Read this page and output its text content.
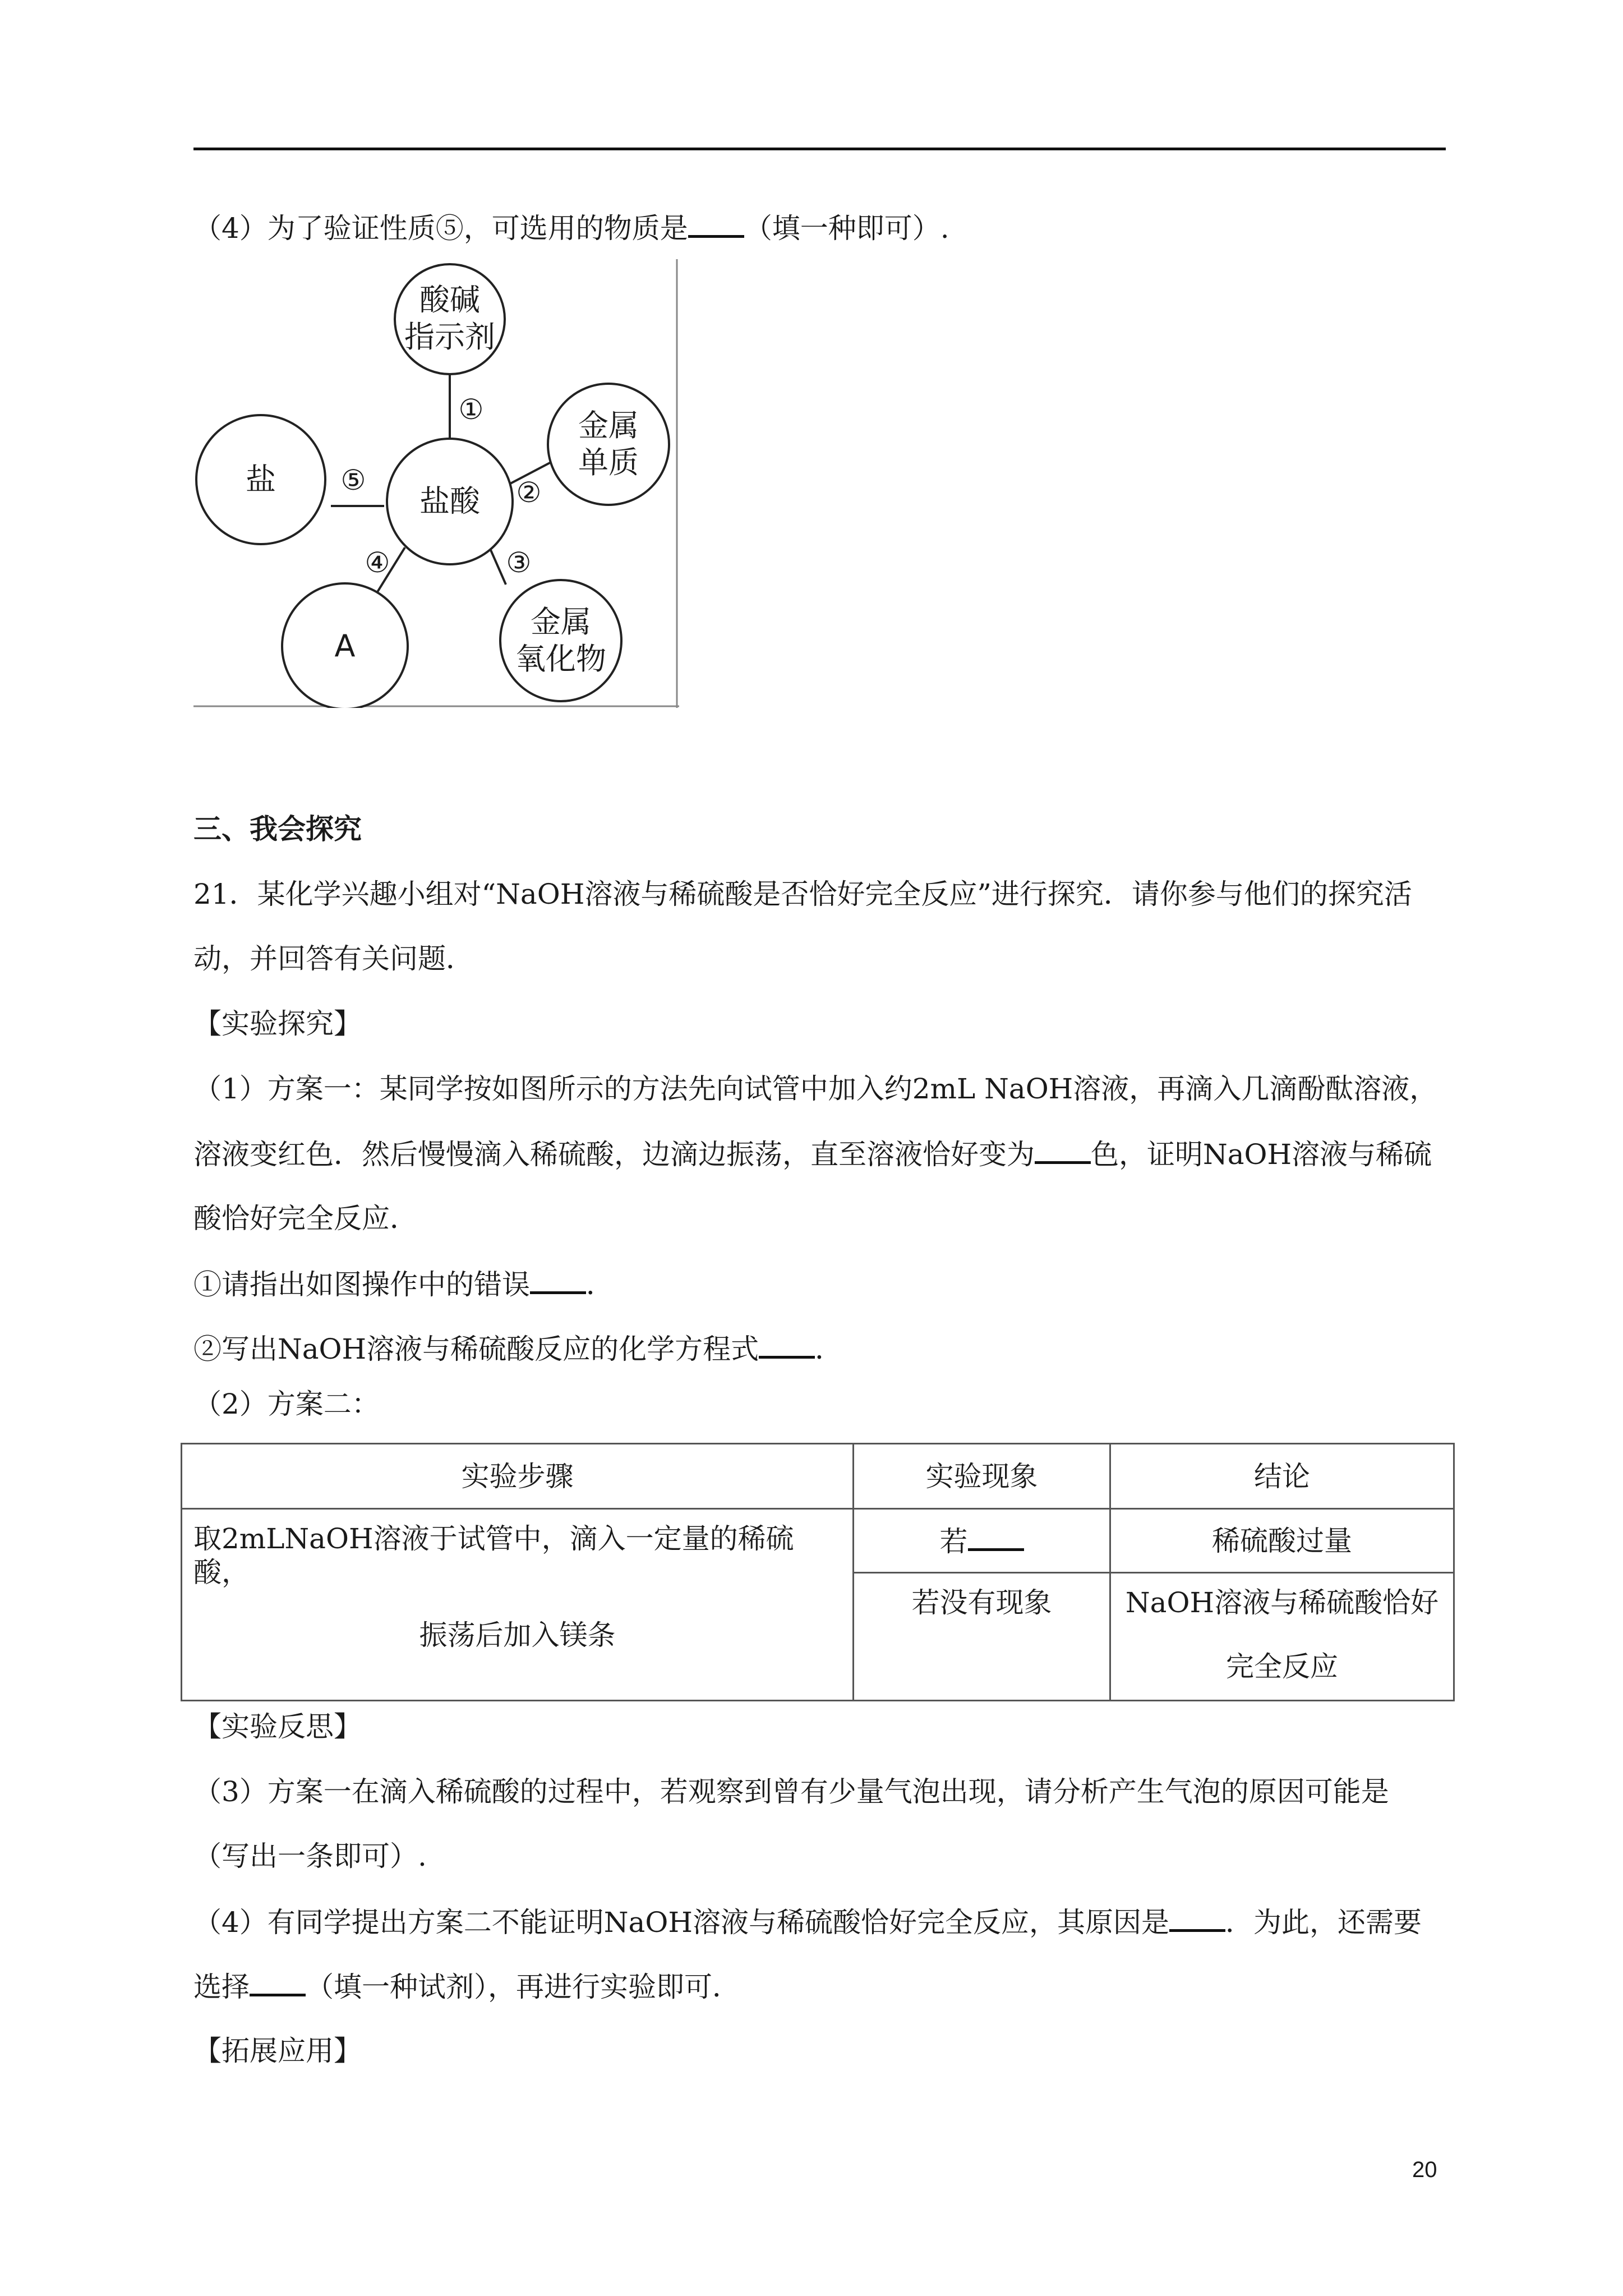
（4）为了验证性质⑤，可选用的物质是 （填一种即可）.
酸碱
指示剂
金属
单质
盐酸
盐
A
金属
氧化物
①
②
③
④
⑤
三、我会探究
21．某化学兴趣小组对“NaOH溶液与稀硫酸是否恰好完全反应”进行探究．请你参与他们的探究活
动，并回答有关问题．
【实验探究】
（1）方案一：某同学按如图所示的方法先向试管中加入约2mL NaOH溶液，再滴入几滴酚酞溶液，
溶液变红色．然后慢慢滴入稀硫酸，边滴边振荡，直至溶液恰好变为 色，证明NaOH溶液与稀硫
酸恰好完全反应．
①请指出如图操作中的错误 ．
②写出NaOH溶液与稀硫酸反应的化学方程式 ．
（2）方案二：
实验步骤	实验现象	结论

取2mLNaOH溶液于试管中，滴入一定量的稀硫酸，
振荡后加入镁条	若	稀硫酸过量
	若没有现象	NaOH溶液与稀硫酸恰好
完全反应
【实验反思】
（3）方案一在滴入稀硫酸的过程中，若观察到曾有少量气泡出现，请分析产生气泡的原因可能是
（写出一条即可）.
（4）有同学提出方案二不能证明NaOH溶液与稀硫酸恰好完全反应，其原因是 ．为此，还需要
选择 （填一种试剂），再进行实验即可．
【拓展应用】
20
